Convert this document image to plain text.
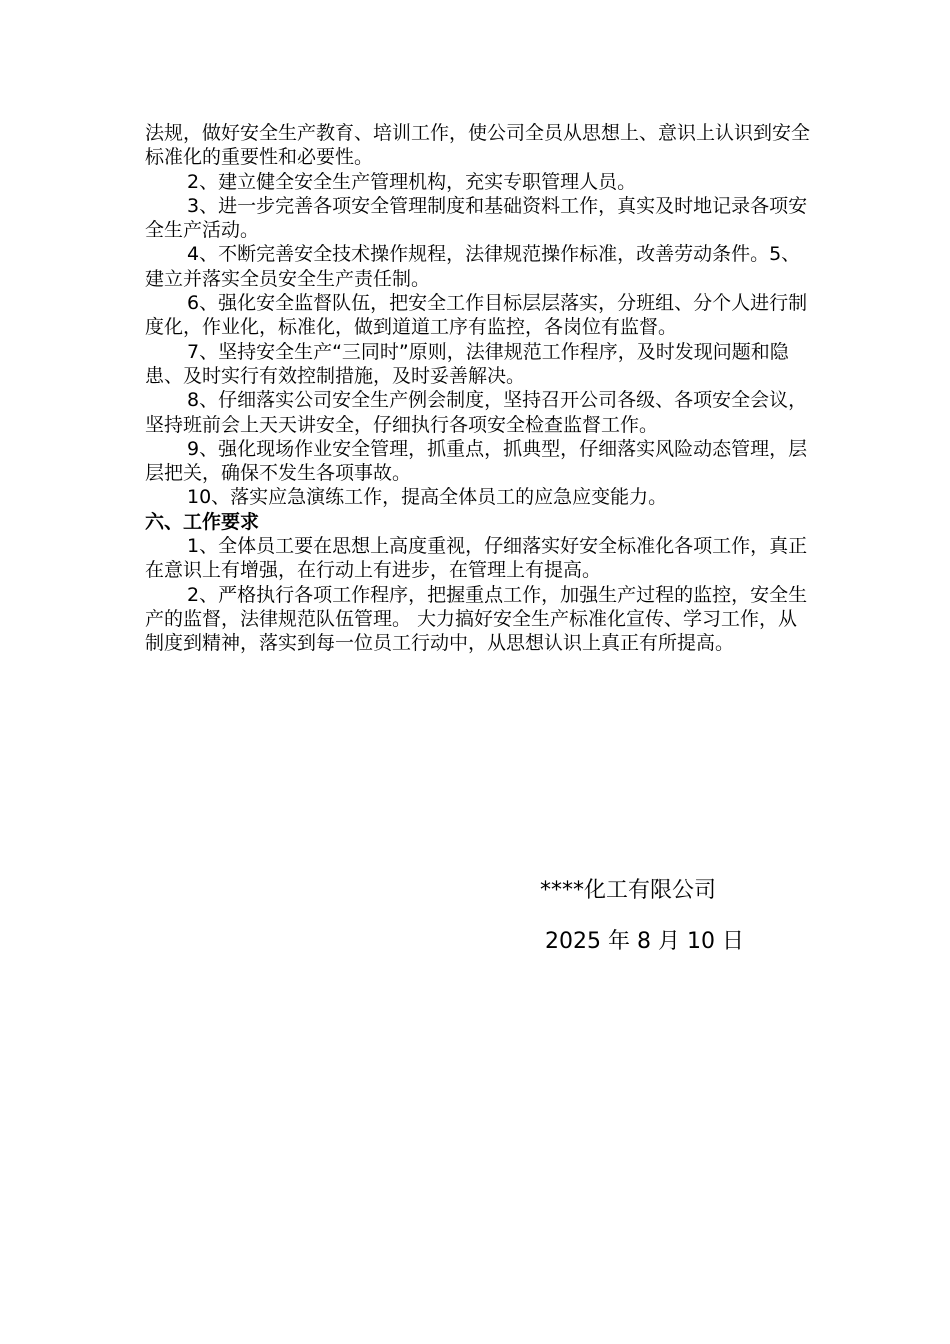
法规，做好安全生产教育、培训工作，使公司全员从思想上、意识上认识到安全标准化的重要性和必要性。

2、建立健全安全生产管理机构，充实专职管理人员。

3、进一步完善各项安全管理制度和基础资料工作，真实及时地记录各项安全生产活动。

4、不断完善安全技术操作规程，法律规范操作标准，改善劳动条件。5、建立并落实全员安全生产责任制。

6、强化安全监督队伍，把安全工作目标层层落实，分班组、分个人进行制度化，作业化，标准化，做到道道工序有监控，各岗位有监督。

7、坚持安全生产“三同时”原则，法律规范工作程序，及时发现问题和隐患、及时实行有效控制措施，及时妥善解决。

8、仔细落实公司安全生产例会制度，坚持召开公司各级、各项安全会议，坚持班前会上天天讲安全，仔细执行各项安全检查监督工作。

9、强化现场作业安全管理，抓重点，抓典型，仔细落实风险动态管理，层层把关，确保不发生各项事故。

10、落实应急演练工作，提高全体员工的应急应变能力。

六、工作要求

1、全体员工要在思想上高度重视，仔细落实好安全标准化各项工作，真正在意识上有增强，在行动上有进步，在管理上有提高。

2、严格执行各项工作程序，把握重点工作，加强生产过程的监控，安全生产的监督，法律规范队伍管理。 大力搞好安全生产标准化宣传、学习工作，从制度到精神，落实到每一位员工行动中，从思想认识上真正有所提高。

****化工有限公司
2025 年 8 月 10 日
